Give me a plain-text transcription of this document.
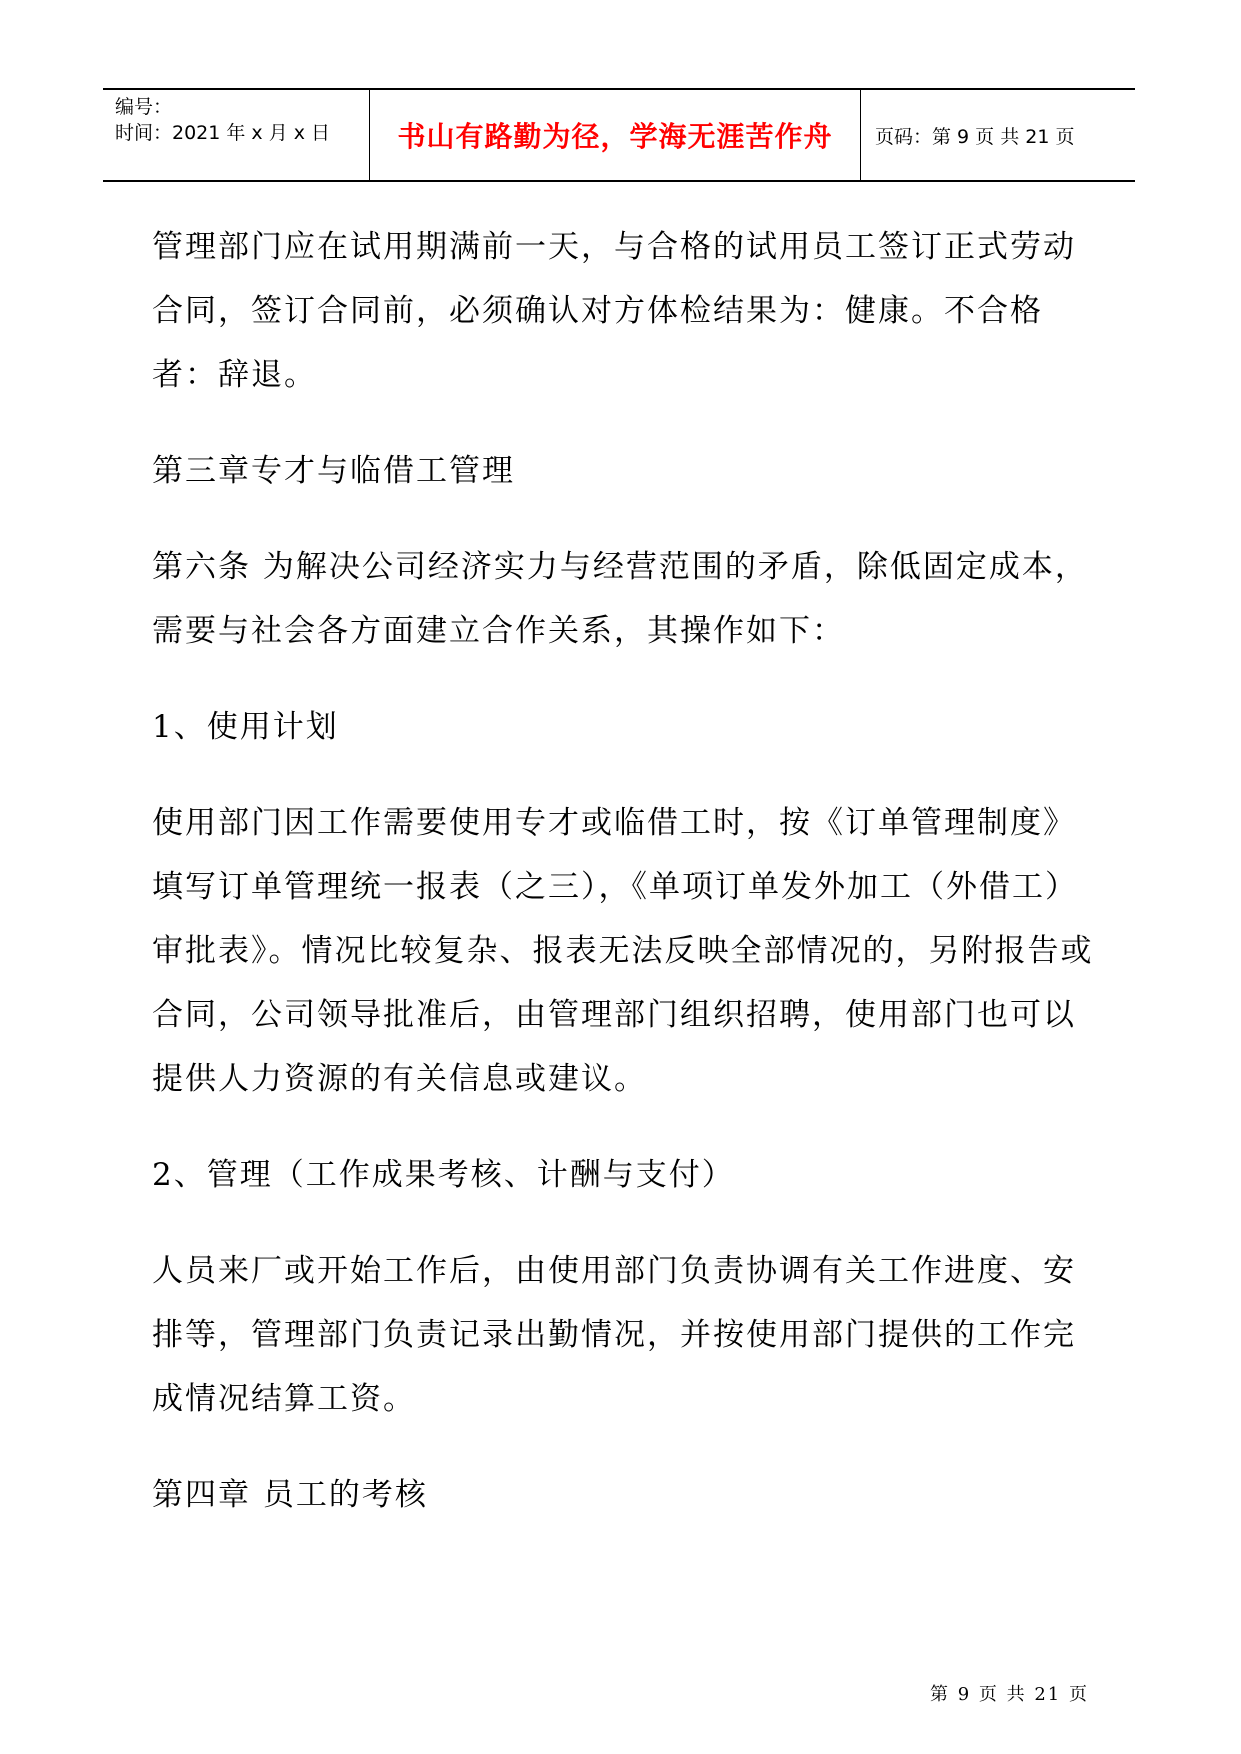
编号：
时间：2021 年 x 月 x 日	书山有路勤为径，学海无涯苦作舟	页码：第 9 页 共 21 页

管理部门应在试用期满前一天，与合格的试用员工签订正式劳动合同，签订合同前，必须确认对方体检结果为：健康。不合格者：辞退。

第三章专才与临借工管理

第六条 为解决公司经济实力与经营范围的矛盾，除低固定成本，需要与社会各方面建立合作关系，其操作如下：

1、使用计划

使用部门因工作需要使用专才或临借工时，按《订单管理制度》填写订单管理统一报表（之三），《单项订单发外加工（外借工）审批表》。情况比较复杂、报表无法反映全部情况的，另附报告或合同，公司领导批准后，由管理部门组织招聘，使用部门也可以提供人力资源的有关信息或建议。

2、管理（工作成果考核、计酬与支付）

人员来厂或开始工作后，由使用部门负责协调有关工作进度、安排等，管理部门负责记录出勤情况，并按使用部门提供的工作完成情况结算工资。

第四章 员工的考核

第 9 页 共 21 页
